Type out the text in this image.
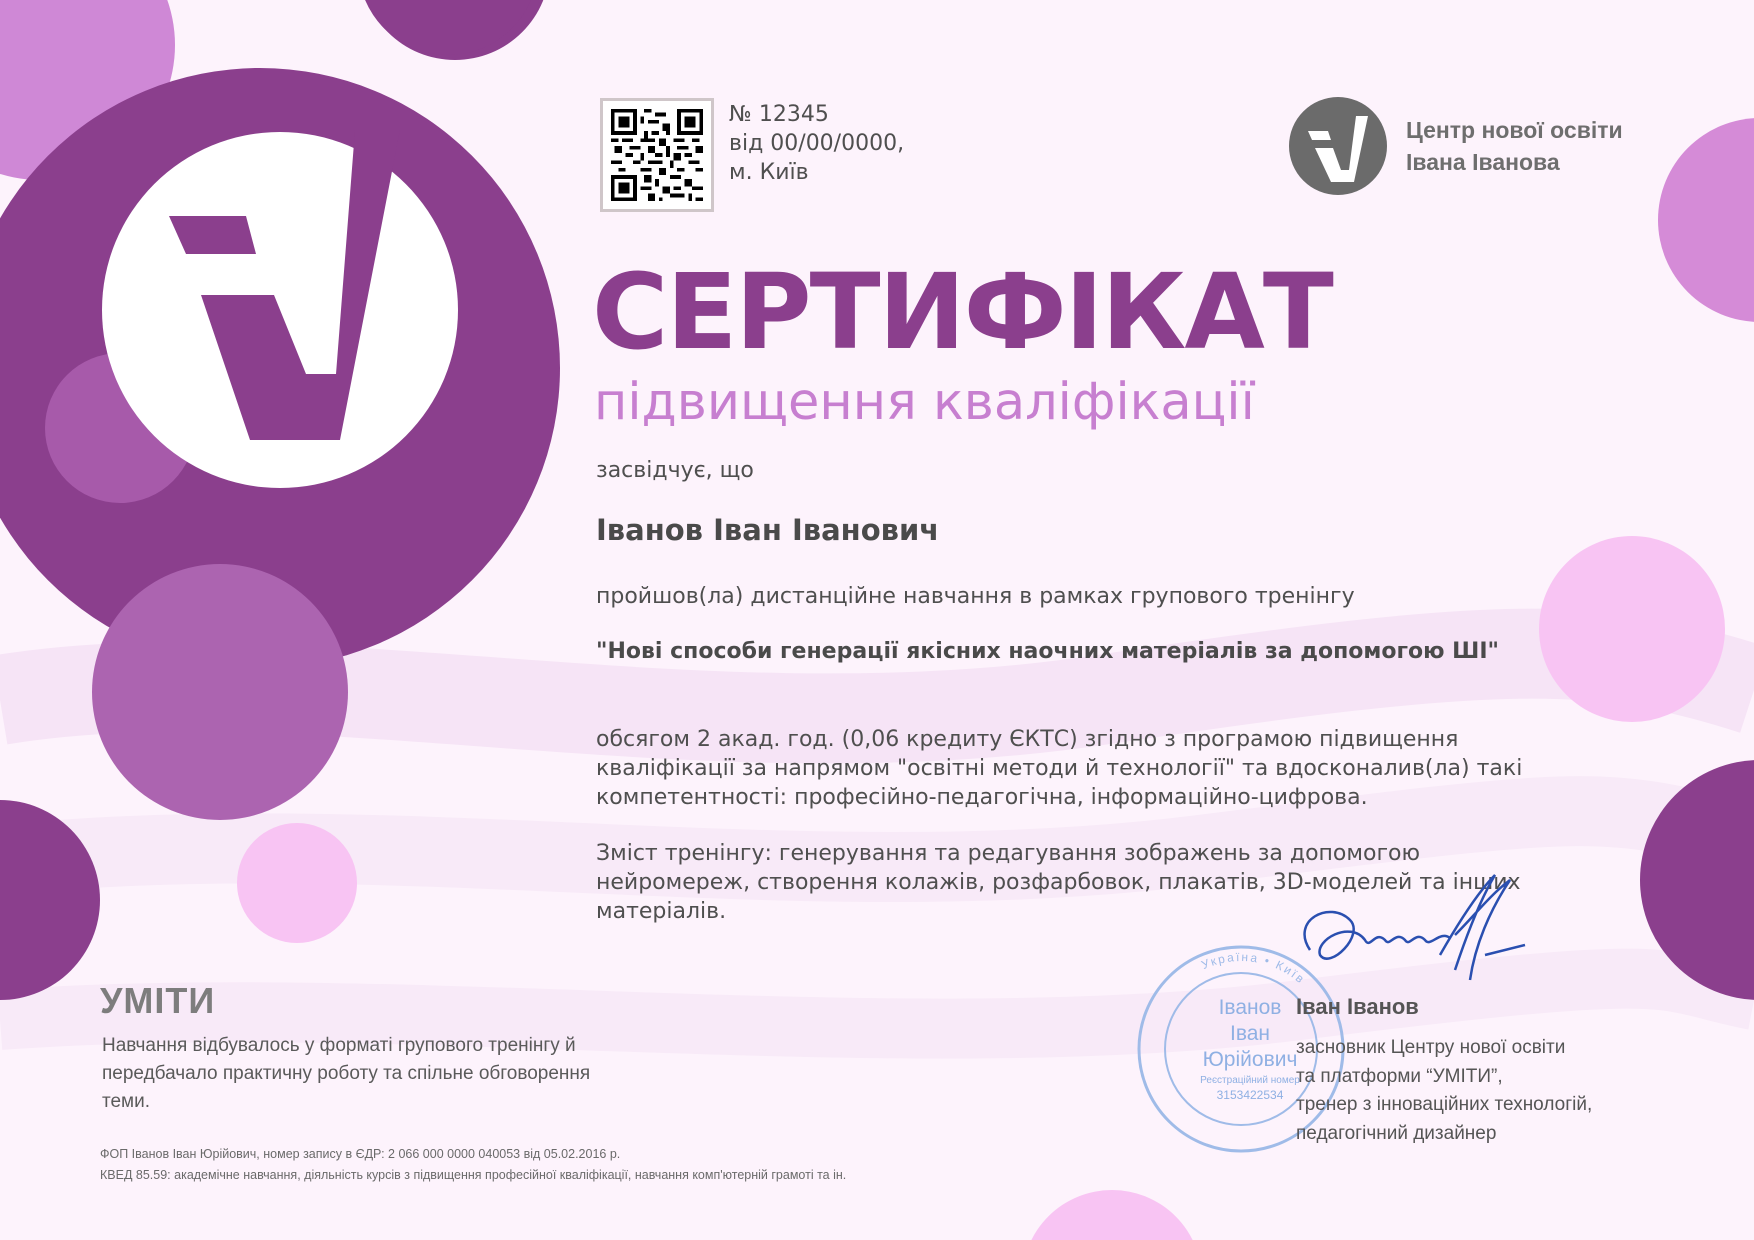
№ 12345
від 00/00/0000,
м. Київ
Центр нової освіти
Івана Іванова
СЕРТИФІКАТ
підвищення кваліфікації
засвідчує, що
Іванов Іван Іванович
пройшов(ла) дистанційне навчання в рамках групового тренінгу
"Нові способи генерації якісних наочних матеріалів за допомогою ШІ"
обсягом 2 акад. год. (0,06 кредиту ЄКТС) згідно з програмою підвищення кваліфікації за напрямом "освітні методи й технології" та вдосконалив(ла) такі компетентності: професійно-педагогічна, інформаційно-цифрова.
Зміст тренінгу: генерування та редагування зображень за допомогою нейромереж, створення колажів, розфарбовок, плакатів, 3D-моделей та інших матеріалів.
УМІТИ
Навчання відбувалось у форматі групового тренінгу й передбачало практичну роботу та спільне обговорення теми.
ФОП Іванов Іван Юрійович, номер запису в ЄДР: 2 066 000 0000 040053 від 05.02.2016 р.
КВЕД 85.59: академічне навчання, діяльність курсів з підвищення професійної кваліфікації, навчання комп'ютерній грамоті та ін.
Україна • Київ
Іванов
Іван
Юрійович
Реєстраційний номер
3153422534
Іван Іванов
засновник Центру нової освіти
та платформи “УМІТИ”,
тренер з інноваційних технологій,
педагогічний дизайнер
